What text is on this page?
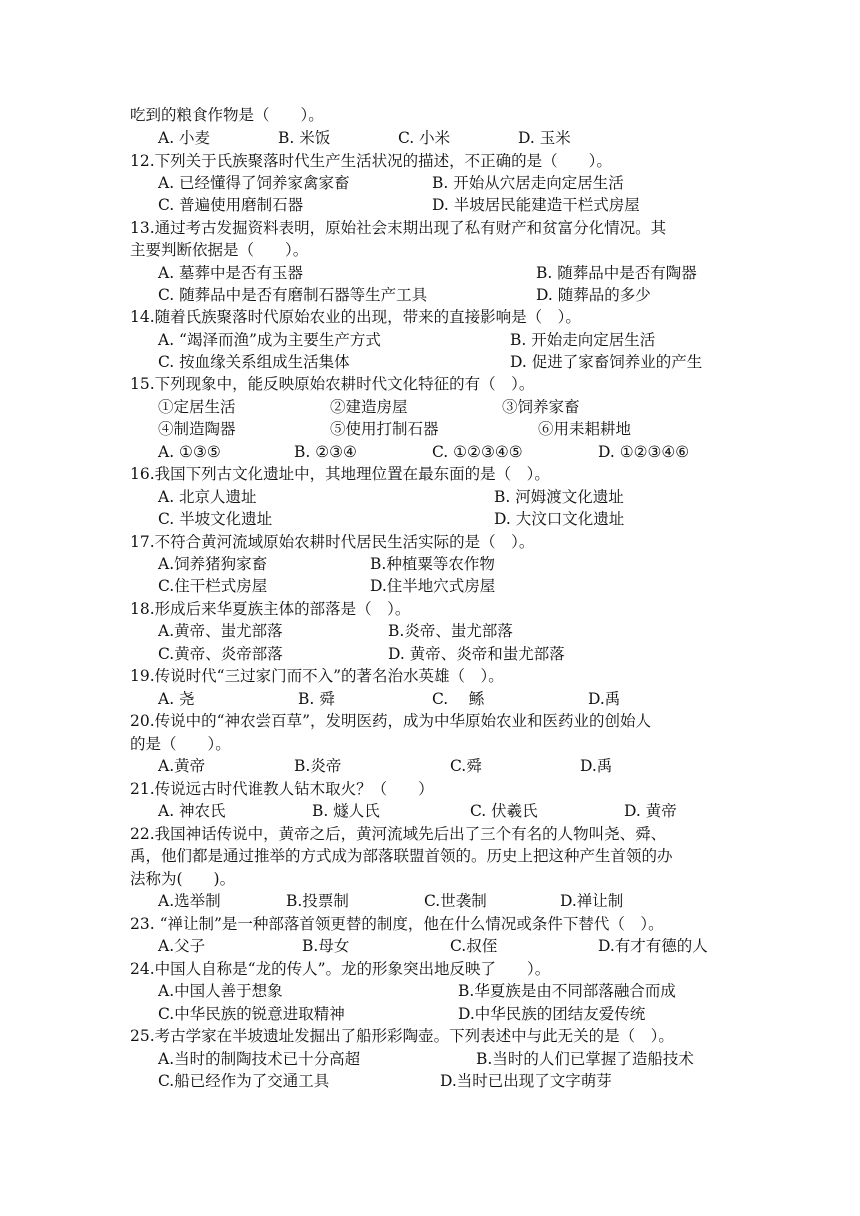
吃到的粮食作物是（　　）。
A. 小麦	B. 米饭	C. 小米	D. 玉米
12.下列关于氏族聚落时代生产生活状况的描述，不正确的是（　　）。
A. 已经懂得了饲养家禽家畜	B. 开始从穴居走向定居生活
C. 普遍使用磨制石器	D. 半坡居民能建造干栏式房屋
13.通过考古发掘资料表明，原始社会末期出现了私有财产和贫富分化情况。其
主要判断依据是（　　）。
A. 墓葬中是否有玉器	B. 随葬品中是否有陶器
C. 随葬品中是否有磨制石器等生产工具	D. 随葬品的多少
14.随着氏族聚落时代原始农业的出现，带来的直接影响是（　）。
A. “竭泽而渔”成为主要生产方式	B. 开始走向定居生活
C. 按血缘关系组成生活集体	D. 促进了家畜饲养业的产生
15.下列现象中，能反映原始农耕时代文化特征的有（　）。
①定居生活	②建造房屋	③饲养家畜
④制造陶器	⑤使用打制石器	⑥用耒耜耕地
A. ①③⑤	B. ②③④	C. ①②③④⑤	D. ①②③④⑥
16.我国下列古文化遗址中，其地理位置在最东面的是（　）。
A. 北京人遗址	B. 河姆渡文化遗址
C. 半坡文化遗址	D. 大汶口文化遗址
17.不符合黄河流域原始农耕时代居民生活实际的是（　）。
A.饲养猪狗家畜	B.种植粟等农作物
C.住干栏式房屋	D.住半地穴式房屋
18.形成后来华夏族主体的部落是（　）。
A.黄帝、蚩尤部落	B.炎帝、蚩尤部落
C.黄帝、炎帝部落	D. 黄帝、炎帝和蚩尤部落
19.传说时代“三过家门而不入”的著名治水英雄（　）。
A. 尧	B. 舜	C. 　鲧	D.禹
20.传说中的“神农尝百草”，发明医药，成为中华原始农业和医药业的创始人
的是（　　）。
A.黄帝	B.炎帝	C.舜	D.禹
21.传说远古时代谁教人钻木取火？（　　）
A. 神农氏	B. 燧人氏	C. 伏羲氏	D. 黄帝
22.我国神话传说中，黄帝之后，黄河流域先后出了三个有名的人物叫尧、舜、
禹，他们都是通过推举的方式成为部落联盟首领的。历史上把这种产生首领的办
法称为(　　)。
A.选举制	B.投票制	C.世袭制	D.禅让制
23. “禅让制”是一种部落首领更替的制度，他在什么情况或条件下替代（　）。
A.父子	B.母女	C.叔侄	D.有才有德的人
24.中国人自称是“龙的传人”。龙的形象突出地反映了　　）。
A.中国人善于想象	B.华夏族是由不同部落融合而成
C.中华民族的锐意进取精神	D.中华民族的团结友爱传统
25.考古学家在半坡遗址发掘出了船形彩陶壶。下列表述中与此无关的是（　）。
A.当时的制陶技术已十分高超	B.当时的人们已掌握了造船技术
C.船已经作为了交通工具	D.当时已出现了文字萌芽
